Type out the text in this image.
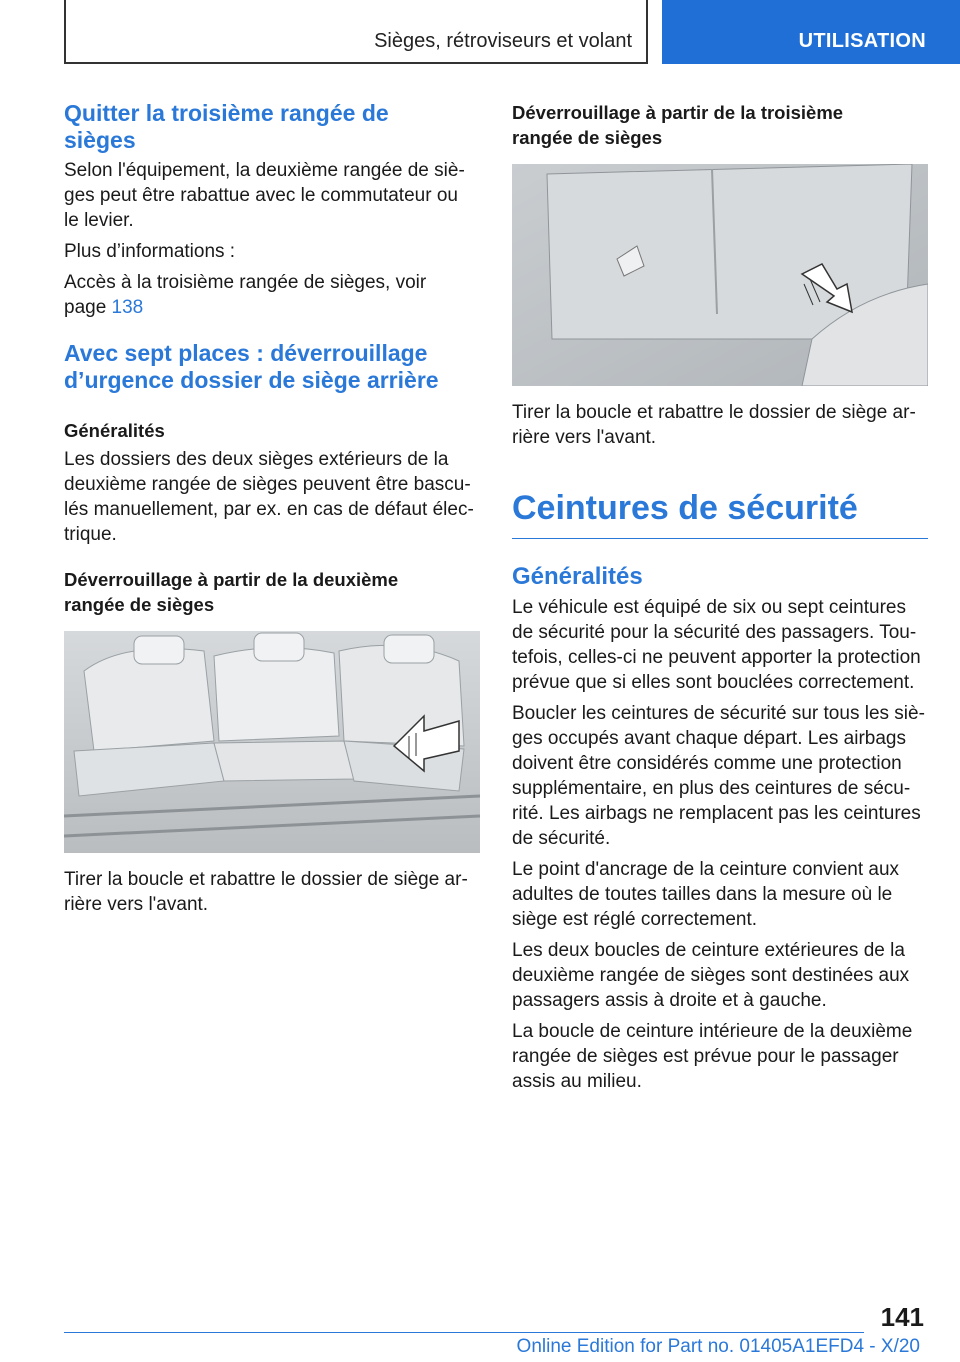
Sièges, rétroviseurs et volant	UTILISATION
Quitter la troisième rangée de
sièges

Selon l'équipement, la deuxième rangée de siè-
ges peut être rabattue avec le commutateur ou
le levier.

Plus d’informations :

Accès à la troisième rangée de sièges, voir
page 138

Avec sept places : déverrouillage
d’urgence dossier de siège arrière
Généralités

Les dossiers des deux sièges extérieurs de la
deuxième rangée de sièges peuvent être bascu-
lés manuellement, par ex. en cas de défaut élec-
trique.

Déverrouillage à partir de la deuxième
rangée de sièges

Tirer la boucle et rabattre le dossier de siège ar-
rière vers l'avant.

Déverrouillage à partir de la troisième
rangée de sièges

Tirer la boucle et rabattre le dossier de siège ar-
rière vers l'avant.

Ceintures de sécurité
Généralités

Le véhicule est équipé de six ou sept ceintures
de sécurité pour la sécurité des passagers. Tou-
tefois, celles-ci ne peuvent apporter la protection
prévue que si elles sont bouclées correctement.

Boucler les ceintures de sécurité sur tous les siè-
ges occupés avant chaque départ. Les airbags
doivent être considérés comme une protection
supplémentaire, en plus des ceintures de sécu-
rité. Les airbags ne remplacent pas les ceintures
de sécurité.

Le point d'ancrage de la ceinture convient aux
adultes de toutes tailles dans la mesure où le
siège est réglé correctement.

Les deux boucles de ceinture extérieures de la
deuxième rangée de sièges sont destinées aux
passagers assis à droite et à gauche.

La boucle de ceinture intérieure de la deuxième
rangée de sièges est prévue pour le passager
assis au milieu.

141
Online Edition for Part no. 01405A1EFD4 - X/20
